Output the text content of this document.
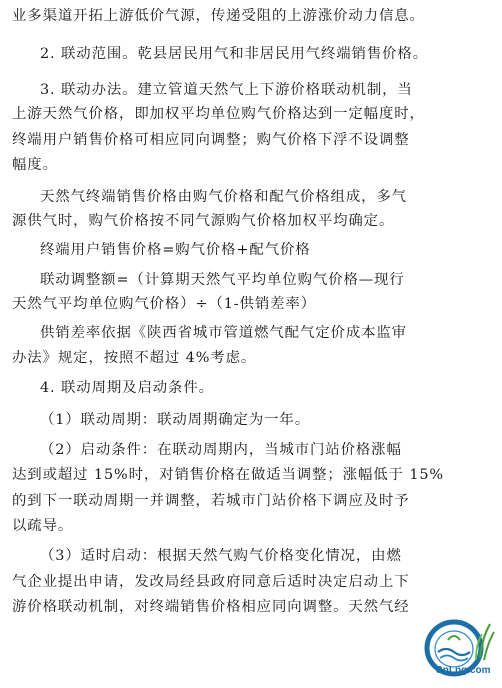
业多渠道开拓上游低价气源，传递受阻的上游涨价动力信息。
2. 联动范围。乾县居民用气和非居民用气终端销售价格。
3. 联动办法。建立管道天然气上下游价格联动机制，当
上游天然气价格，即加权平均单位购气价格达到一定幅度时，
终端用户销售价格可相应同向调整；购气价格下浮不设调整
幅度。
天然气终端销售价格由购气价格和配气价格组成，多气
源供气时，购气价格按不同气源购气价格加权平均确定。
终端用户销售价格=购气价格+配气价格
联动调整额=（计算期天然气平均单位购气价格—现行
天然气平均单位购气价格）÷（1-供销差率）
供销差率依据《陕西省城市管道燃气配气定价成本监审
办法》规定，按照不超过 4%考虑。
4. 联动周期及启动条件。
（1）联动周期：联动周期确定为一年。
（2）启动条件：在联动周期内，当城市门站价格涨幅
达到或超过 15%时，对销售价格在做适当调整；涨幅低于 15%
的到下一联动周期一并调整，若城市门站价格下调应及时予
以疏导。
（3）适时启动：根据天然气购气价格变化情况，由燃
气企业提出申请，发改局经县政府同意后适时决定启动上下
游价格联动机制，对终端销售价格相应同向调整。天然气经
CnLng.com
